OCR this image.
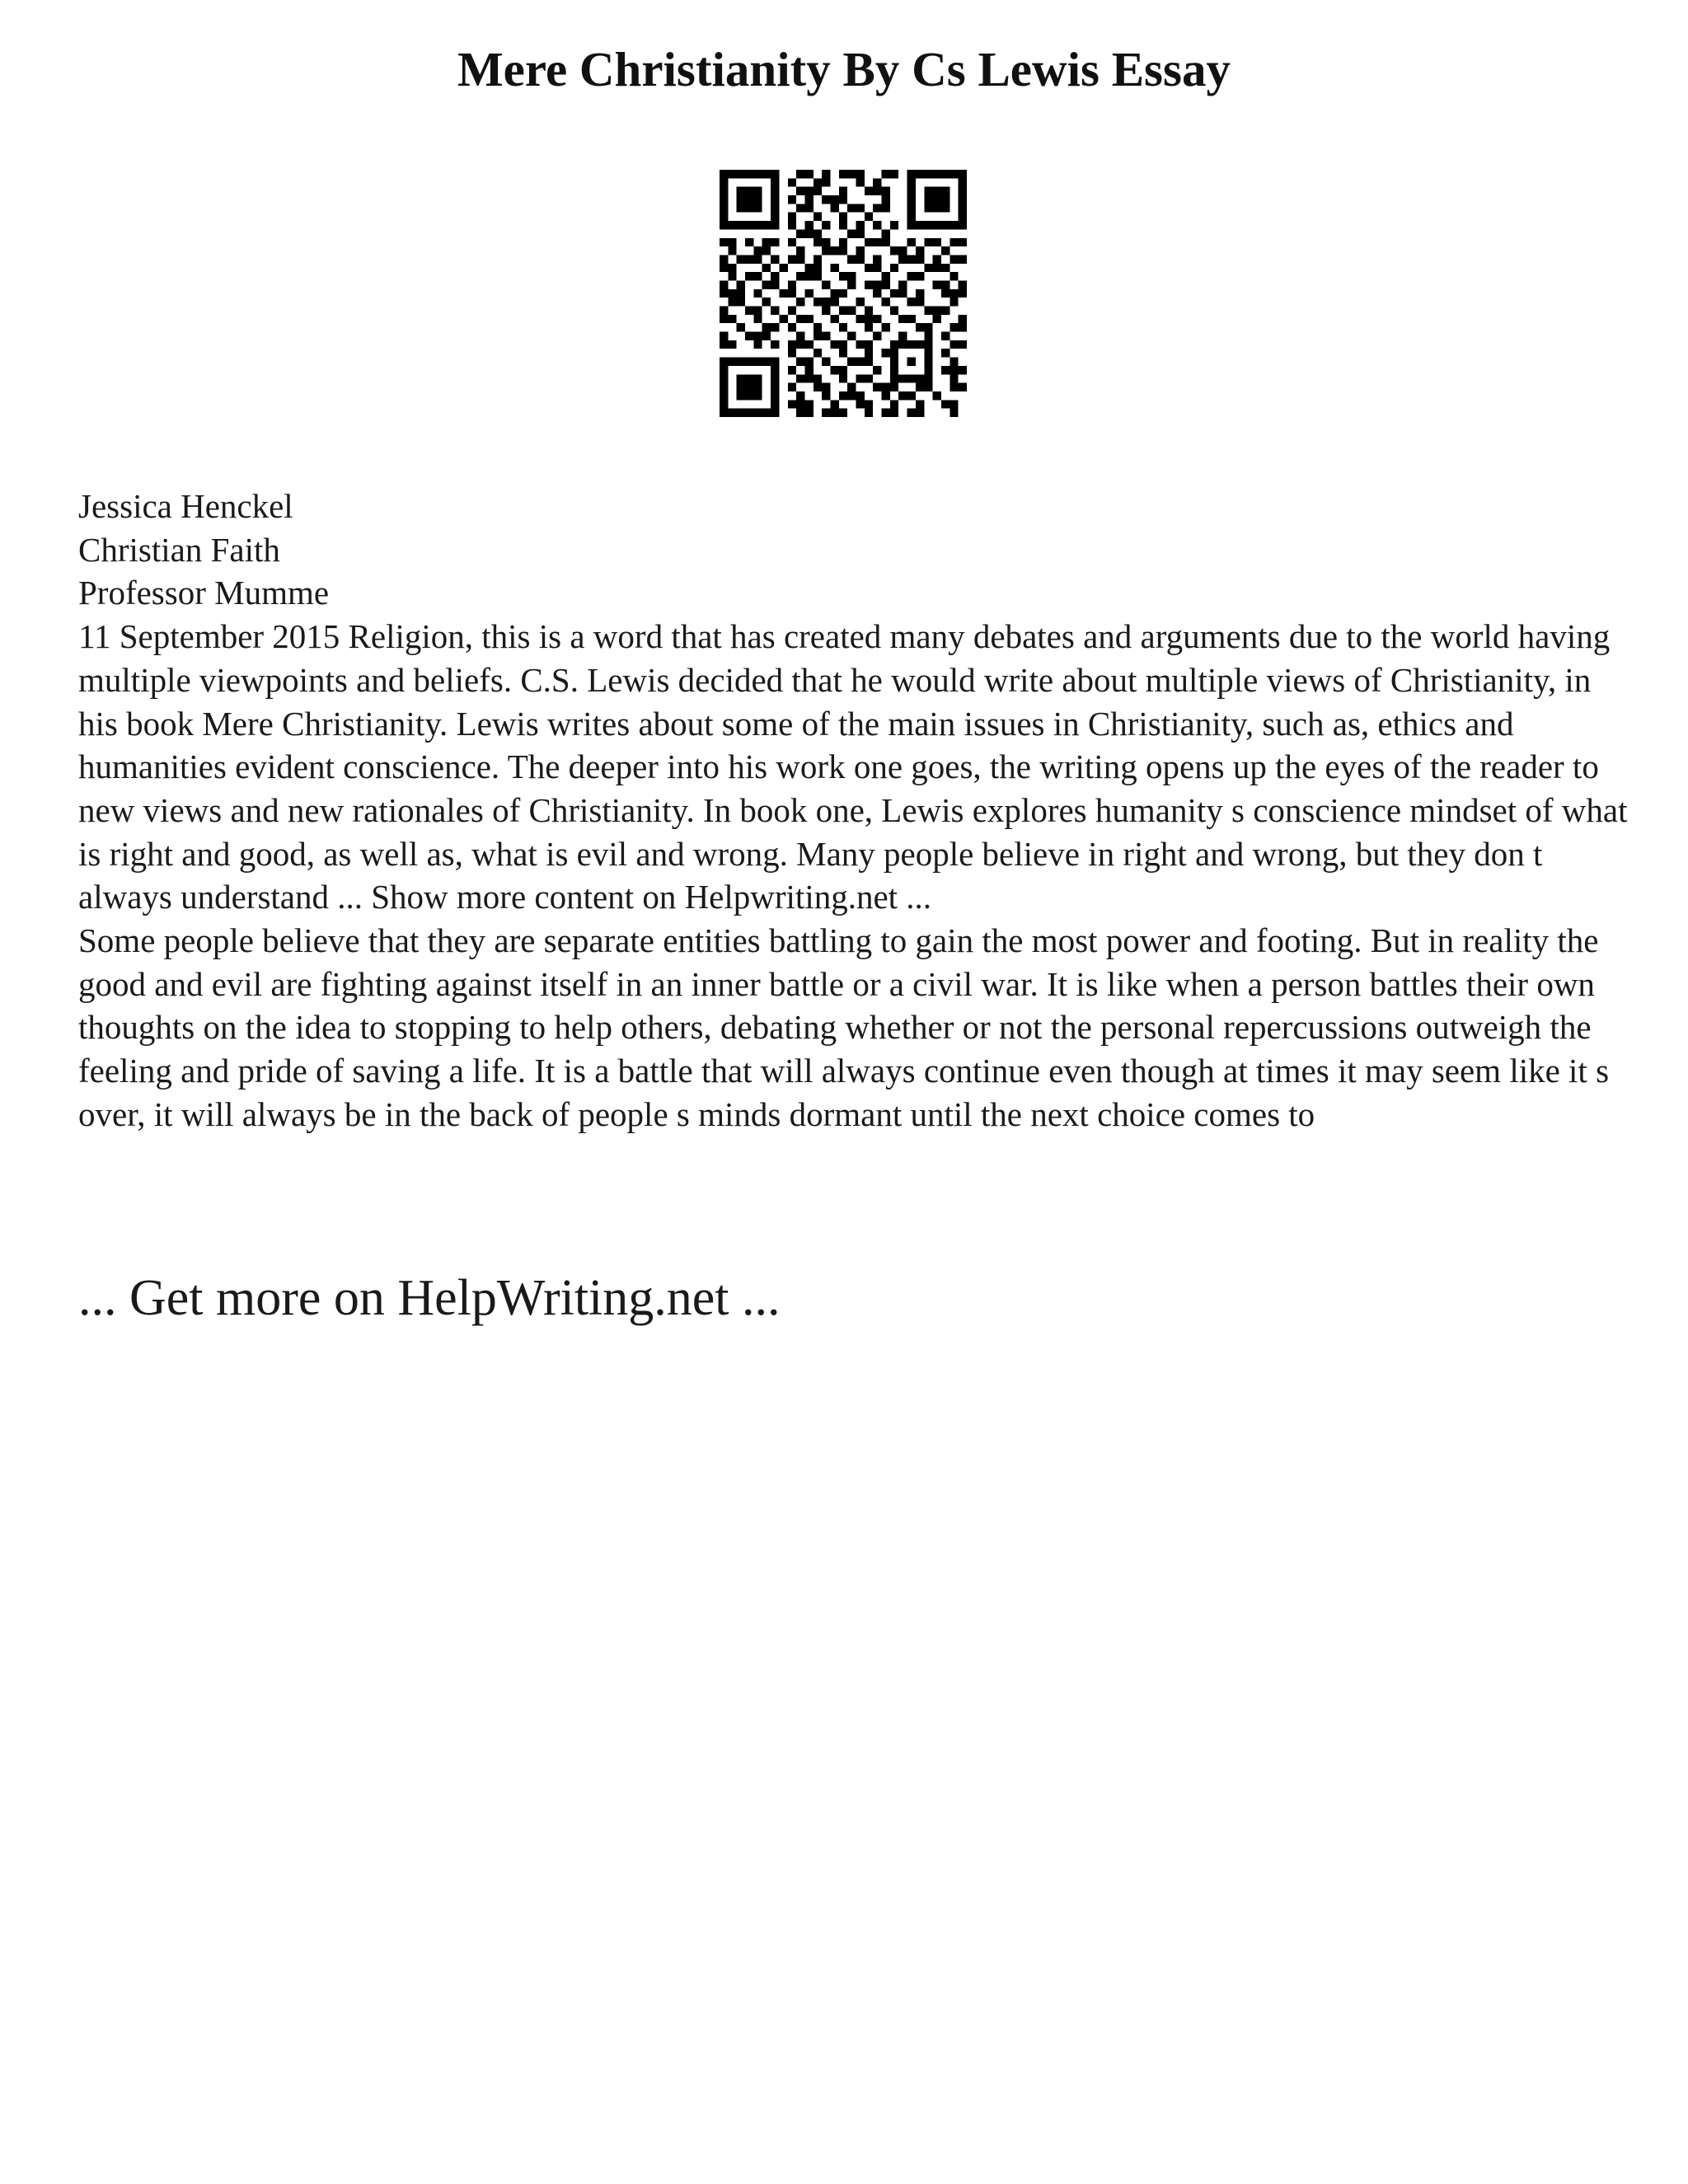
Mere Christianity By Cs Lewis Essay

Jessica Henckel

Christian Faith

Professor Mumme

11 September 2015 Religion, this is a word that has created many debates and arguments due to the world having multiple viewpoints and beliefs. C.S. Lewis decided that he would write about multiple views of Christianity, in his book Mere Christianity. Lewis writes about some of the main issues in Christianity, such as, ethics and humanities evident conscience. The deeper into his work one goes, the writing opens up the eyes of the reader to new views and new rationales of Christianity. In book one, Lewis explores humanity s conscience mindset of what is right and good, as well as, what is evil and wrong. Many people believe in right and wrong, but they don t always understand ... Show more content on Helpwriting.net ...

Some people believe that they are separate entities battling to gain the most power and footing. But in reality the good and evil are fighting against itself in an inner battle or a civil war. It is like when a person battles their own thoughts on the idea to stopping to help others, debating whether or not the personal repercussions outweigh the feeling and pride of saving a life. It is a battle that will always continue even though at times it may seem like it s over, it will always be in the back of people s minds dormant until the next choice comes to

... Get more on HelpWriting.net ...
